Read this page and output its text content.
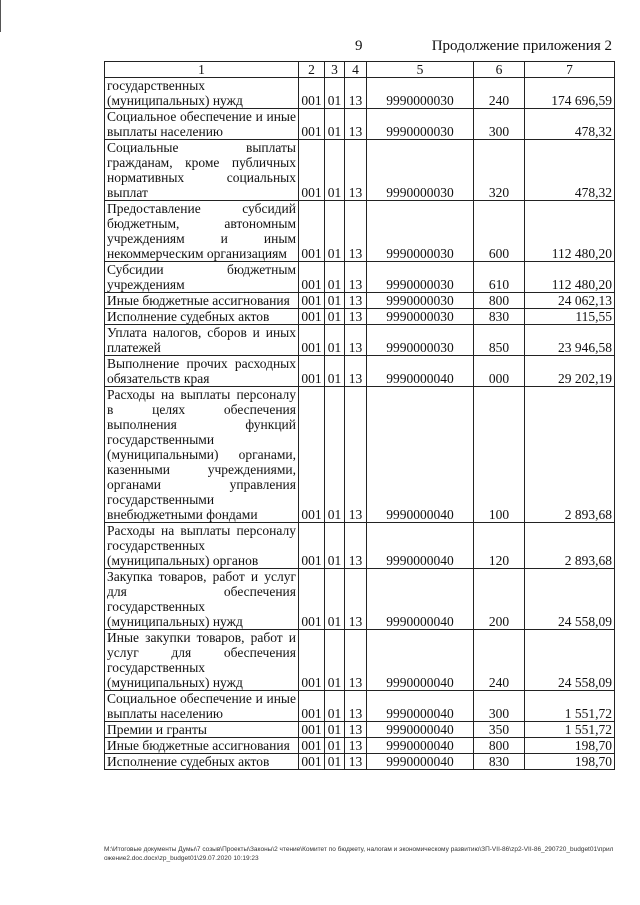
9	Продолжение приложения 2
1	2	3	4	5	6	7
государственных (муниципальных) нужд	001	01	13	9990000030	240	174 696,59
Социальное обеспечение и иные выплаты населению	001	01	13	9990000030	300	478,32
Социальные выплаты гражданам, кроме публичных нормативных социальных выплат	001	01	13	9990000030	320	478,32
Предоставление субсидий бюджетным, автономным учреждениям и иным некоммерческим организациям	001	01	13	9990000030	600	112 480,20
Субсидии бюджетным учреждениям	001	01	13	9990000030	610	112 480,20
Иные бюджетные ассигнования	001	01	13	9990000030	800	24 062,13
Исполнение судебных актов	001	01	13	9990000030	830	115,55
Уплата налогов, сборов и иных платежей	001	01	13	9990000030	850	23 946,58
Выполнение прочих расходных обязательств края	001	01	13	9990000040	000	29 202,19
Расходы на выплаты персоналу в целях обеспечения выполнения функций государственными (муниципальными) органами, казенными учреждениями, органами управления государственными внебюджетными фондами	001	01	13	9990000040	100	2 893,68
Расходы на выплаты персоналу государственных (муниципальных) органов	001	01	13	9990000040	120	2 893,68
Закупка товаров, работ и услуг для обеспечения государственных (муниципальных) нужд	001	01	13	9990000040	200	24 558,09
Иные закупки товаров, работ и услуг для обеспечения государственных (муниципальных) нужд	001	01	13	9990000040	240	24 558,09
Социальное обеспечение и иные выплаты населению	001	01	13	9990000040	300	1 551,72
Премии и гранты	001	01	13	9990000040	350	1 551,72
Иные бюджетные ассигнования	001	01	13	9990000040	800	198,70
Исполнение судебных актов	001	01	13	9990000040	830	198,70
M:\Итоговые документы Думы\7 созыв\Проекты\Законы\2 чтение\Комитет по бюджету, налогам и экономическому развитию\ЗП-VII-86\zp2-VII-86_290720_budget01\приложение2.doc.docx\zp_budget01\29.07.2020 10:19:23
